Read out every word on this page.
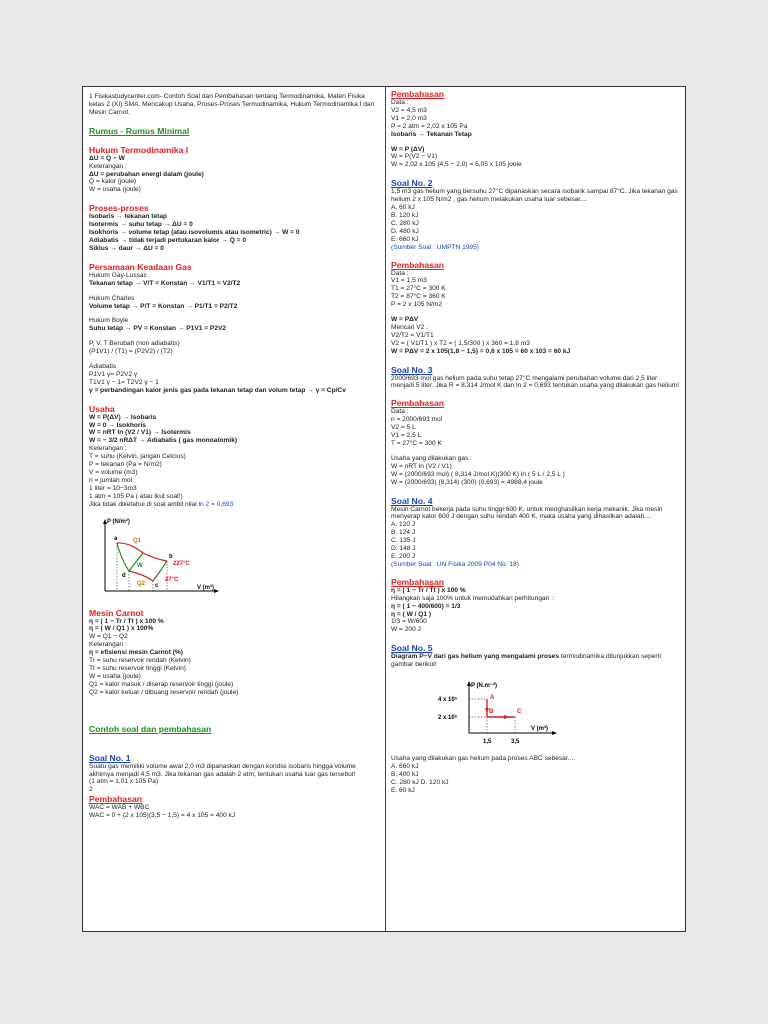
1 Fisikastudycenter.com- Contoh Soal dan Pembahasan tentang Termodinamika, Materi Fisika kelas 2 (XI) SMA. Mencakup Usaha, Proses-Proses Termodinamika, Hukum Termodinamika I dan Mesin Carnot.

Rumus - Rumus Minimal

Hukum Termodinamika I

ΔU = Q − W

Keterangan :

ΔU = perubahan energi dalam (joule)

Q = kalor (joule)

W = usaha (joule)

Proses-proses

Isobaris → tekanan tetap

Isotermis → suhu tetap → ΔU = 0

Isokhoris → volume tetap (atau isovolumis atau isometric) → W = 0

Adiabatis → tidak terjadi pertukaran kalor → Q = 0

Siklus → daur → ΔU = 0

Persamaan Keadaan Gas

Hukum Gay-Lussac

Tekanan tetap → V/T = Konstan → V1/T1 = V2/T2

Hukum Charles

Volume tetap → P/T = Konstan → P1/T1 = P2/T2

Hukum Boyle

Suhu tetap → PV = Konstan → P1V1 = P2V2

P, V, T Berubah (non adiabatis)

(P1V1) / (T1) = (P2V2) / (T2)

Adiabatis

P1V1 γ= P2V2 γ

T1V1 γ − 1= T2V2 γ − 1

γ = perbandingan kalor jenis gas pada tekanan tetap dan volum tetap → γ = Cp/Cv

Usaha

W = P(ΔV) → Isobaris

W = 0 → Isokhoris

W = nRT ln (V2 / V1) → Isotermis

W = − 3/2 nRΔT → Adiabatis ( gas monoatomik)

Keterangan :

T = suhu (Kelvin, jangan Celcius)

P = tekanan (Pa = N/m2)

V = volume (m3)

n = jumlah mol

1 liter = 10−3m3

1 atm = 105 Pa ( atau ikut soal!)

Jika tidak diketahui di soal ambil nilai ln 2 = 0,693

P (N/m²)
V (m³)
a
b
c
d
Q1
W
Q2
227°C
27°C

Mesin Carnot

η = ( 1 − Tr / Tt ) x 100 %

η = ( W / Q1 ) x 100%

W = Q1 − Q2

Keterangan :

η = efisiensi mesin Carnot (%)

Tr = suhu reservoir rendah (Kelvin)

Tt = suhu reservoir tinggi (Kelvin)

W = usaha (joule)

Q1 = kalor masuk / diserap reservoir tinggi (joule)

Q2 = kalor keluar / dibuang reservoir rendah (joule)

Contoh soal dan pembahasan

Soal No. 1

Suatu gas memiliki volume awal 2,0 m3 dipanaskan dengan kondisi isobaris hingga volume akhirnya menjadi 4,5 m3. Jika tekanan gas adalah 2 atm, tentukan usaha luar gas tersebut!

(1 atm = 1,01 x 105 Pa)

2

Pembahasan

WAC = WAB + WBC

WAC = 0 + (2 x 105)(3,5 − 1,5) = 4 x 105 = 400 kJ

Pembahasan

Data :

V2 = 4,5 m3

V1 = 2,0 m3

P = 2 atm = 2,02 x 105 Pa

Isobaris → Tekanan Tetap

W = P (ΔV)

W = P(V2 − V1)

W = 2,02 x 105 (4,5 − 2,0) = 5,05 x 105 joule

Soal No. 2

1,5 m3 gas helium yang bersuhu 27°C dipanaskan secara isobarik sampai 87°C. Jika tekanan gas helium 2 x 105 N/m2 , gas helium melakukan usaha luar sebesar....

A. 60 kJ

B. 120 kJ

C. 280 kJ

D. 480 kJ

E. 660 kJ

(Sumber Soal : UMPTN 1995)

Pembahasan

Data :

V1 = 1,5 m3

T1 = 27°C = 300 K

T2 = 87°C = 360 K

P = 2 x 105 N/m2

W = PΔV

Mencari V2 :

V2/T2 = V1/T1

V2 = ( V1/T1 ) x T2 = ( 1,5/300 ) x 360 = 1,8 m3

W = PΔV = 2 x 105(1,8 − 1,5) = 0,6 x 105 = 60 x 103 = 60 kJ

Soal No. 3

2000/693 mol gas helium pada suhu tetap 27°C mengalami perubahan volume dari 2,5 liter menjadi 5 liter. Jika R = 8,314 J/mol K dan ln 2 = 0,693 tentukan usaha yang dilakukan gas helium!

Pembahasan

Data :

n = 2000/693 mol

V2 = 5 L

V1 = 2,5 L

T = 27°C = 300 K

Usaha yang dilakukan gas :

W = nRT ln (V2 / V1)

W = (2000/693 mol) ( 8,314 J/mol K)(300 K) ln ( 5 L / 2,5 L )

W = (2000/693) (8,314) (300) (0,693) = 4988,4 joule

Soal No. 4

Mesin Carnot bekerja pada suhu tinggi 600 K, untuk menghasilkan kerja mekanik. Jika mesin menyerap kalor 600 J dengan suhu rendah 400 K, maka usaha yang dihasilkan adalah....

A. 120 J

B. 124 J

C. 135 J

D. 148 J

E. 200 J

(Sumber Soal : UN Fisika 2009 P04 No. 18)

Pembahasan

η = ( 1 − Tr / Tt ) x 100 %

Hilangkan saja 100% untuk memudahkan perhitungan :

η = ( 1 − 400/600) = 1/3

η = ( W / Q1 )

1/3 = W/600

W = 200 J

Soal No. 5

Diagram P−V dari gas helium yang mengalami proses termodinamika ditunjukkan seperti gambar berikut!

P (N.m⁻²)
V (m³)
4 x 10⁵
2 x 10⁵
1,5	3,5
A
B	C

Usaha yang dilakukan gas helium pada proses ABC sebesar....

A. 660 kJ

B. 400 kJ

C. 280 kJ D. 120 kJ

E. 60 kJ
